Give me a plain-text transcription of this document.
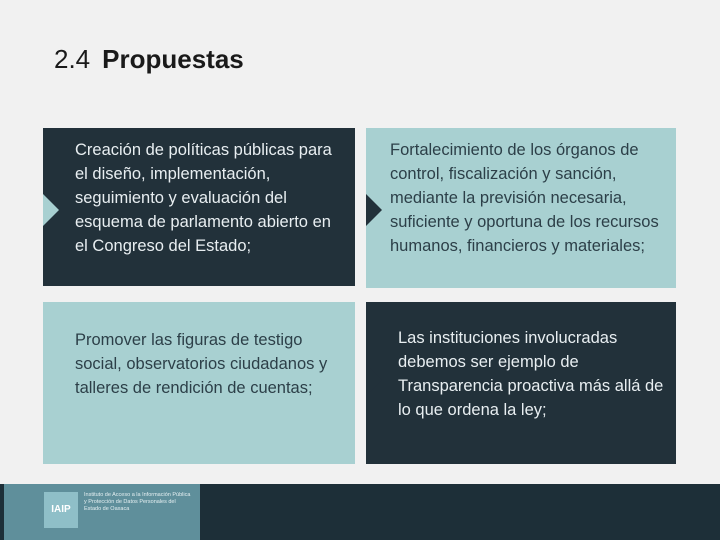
2.4 Propuestas
Creación de políticas públicas para el diseño, implementación, seguimiento y evaluación del esquema de parlamento abierto en el Congreso del Estado;
Fortalecimiento de los órganos de control, fiscalización y sanción, mediante la previsión necesaria, suficiente y oportuna de los recursos humanos, financieros y materiales;
Promover las figuras de testigo social, observatorios ciudadanos y talleres de rendición de cuentas;
Las instituciones involucradas debemos ser ejemplo de Transparencia proactiva más allá de lo que ordena la ley;
IAIP
Instituto de Acceso a la Información Pública y Protección de Datos Personales del Estado de Oaxaca
